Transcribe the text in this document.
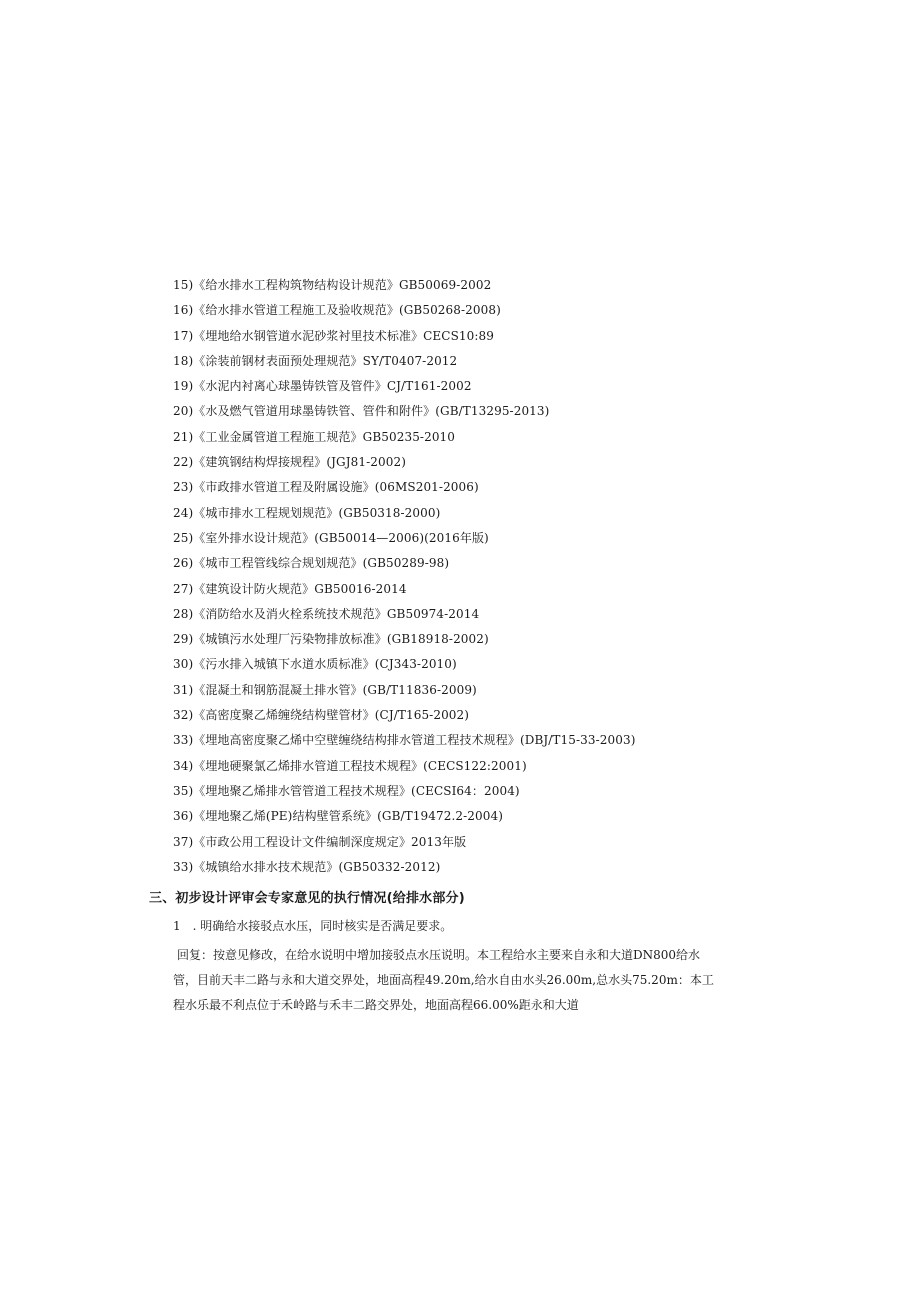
15)《给水排水工程构筑物结构设计规范》GB50069-2002
16)《给水排水管道工程施工及验收规范》(GB50268-2008)
17)《埋地给水钢管道水泥砂浆衬里技术标准》CECS10:89
18)《涂装前钢材表面预处理规范》SY/T0407-2012
19)《水泥内衬离心球墨铸铁管及管件》CJ/T161-2002
20)《水及燃气管道用球墨铸铁管、管件和附件》(GB/T13295-2013)
21)《工业金属管道工程施工规范》GB50235-2010
22)《建筑钢结构焊接规程》(JGJ81-2002)
23)《市政排水管道工程及附属设施》(06MS201-2006)
24)《城市排水工程规划规范》(GB50318-2000)
25)《室外排水设计规范》(GB50014—2006)(2016年版)
26)《城市工程管线综合规划规范》(GB50289-98)
27)《建筑设计防火规范》GB50016-2014
28)《消防给水及消火栓系统技术规范》GB50974-2014
29)《城镇污水处理厂污染物排放标准》(GB18918-2002)
30)《污水排入城镇下水道水质标准》(CJ343-2010)
31)《混凝土和钢筋混凝土排水管》(GB/T11836-2009)
32)《高密度聚乙烯缠绕结构壁管材》(CJ/T165-2002)
33)《埋地高密度聚乙烯中空壁缠绕结构排水管道工程技术规程》(DBJ/T15-33-2003)
34)《埋地硬聚氯乙烯排水管道工程技术规程》(CECS122:2001)
35)《埋地聚乙烯排水管管道工程技术规程》(CECSI64：2004)
36)《埋地聚乙烯(PE)结构壁管系统》(GB/T19472.2-2004)
37)《市政公用工程设计文件编制深度规定》2013年版
33)《城镇给水排水技术规范》(GB50332-2012)
三、初步设计评审会专家意见的执行情况(给排水部分)
1　. 明确给水接驳点水压，同时核实是否满足要求。
回复：按意见修改，在给水说明中增加接驳点水压说明。本工程给水主要来自永和大道DN800给水
管，目前天丰二路与永和大道交界处，地面高程49.20m,给水自由水头26.00m,总水头75.20m：本工
程水乐最不利点位于禾岭路与禾丰二路交界处，地面高程66.00%距永和大道
